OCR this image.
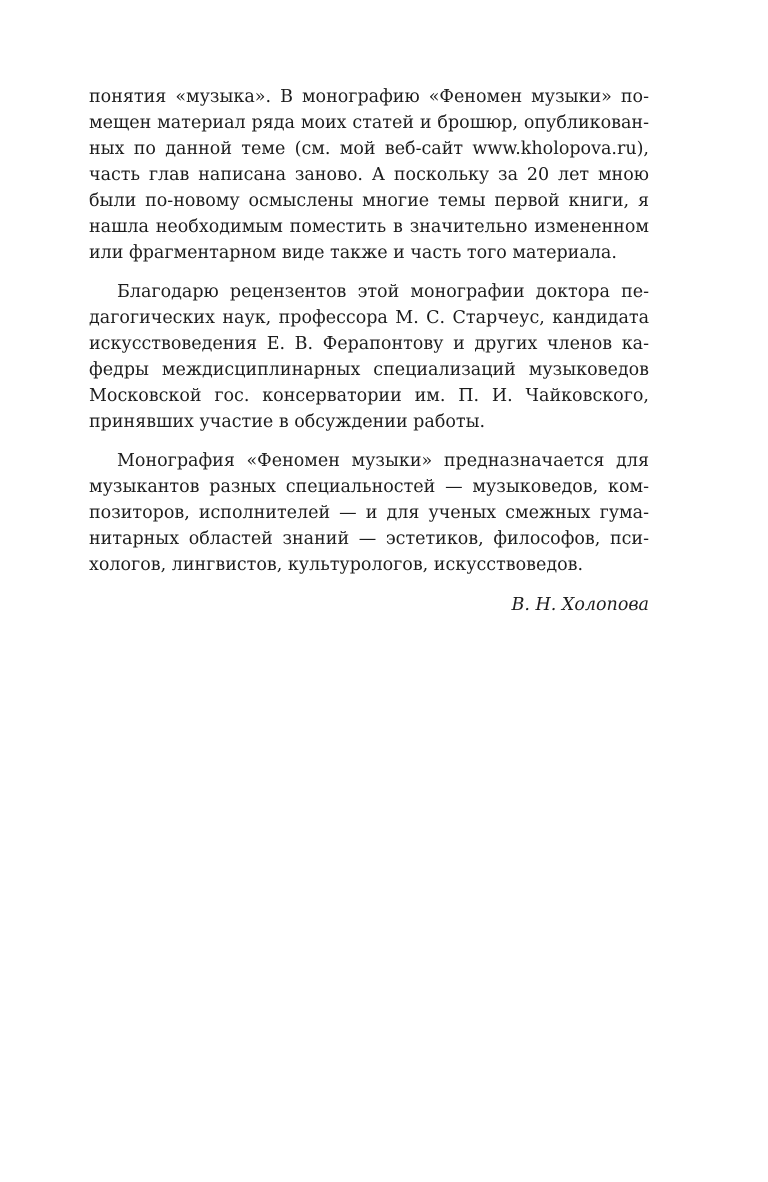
понятия «музыка». В монографию «Феномен музыки» по-
мещен материал ряда моих статей и брошюр, опубликован-
ных по данной теме (см. мой веб-сайт www.kholopova.ru),
часть глав написана заново. А поскольку за 20 лет мною
были по-новому осмыслены многие темы первой книги, я
нашла необходимым поместить в значительно измененном
или фрагментарном виде также и часть того материала.
Благодарю рецензентов этой монографии доктора пе-
дагогических наук, профессора М. С. Старчеус, кандидата
искусствоведения Е. В. Ферапонтову и других членов ка-
федры междисциплинарных специализаций музыковедов
Московской гос. консерватории им. П. И. Чайковского,
принявших участие в обсуждении работы.
Монография «Феномен музыки» предназначается для
музыкантов разных специальностей — музыковедов, ком-
позиторов, исполнителей — и для ученых смежных гума-
нитарных областей знаний — эстетиков, философов, пси-
хологов, лингвистов, культурологов, искусствоведов.
В. Н. Холопова
